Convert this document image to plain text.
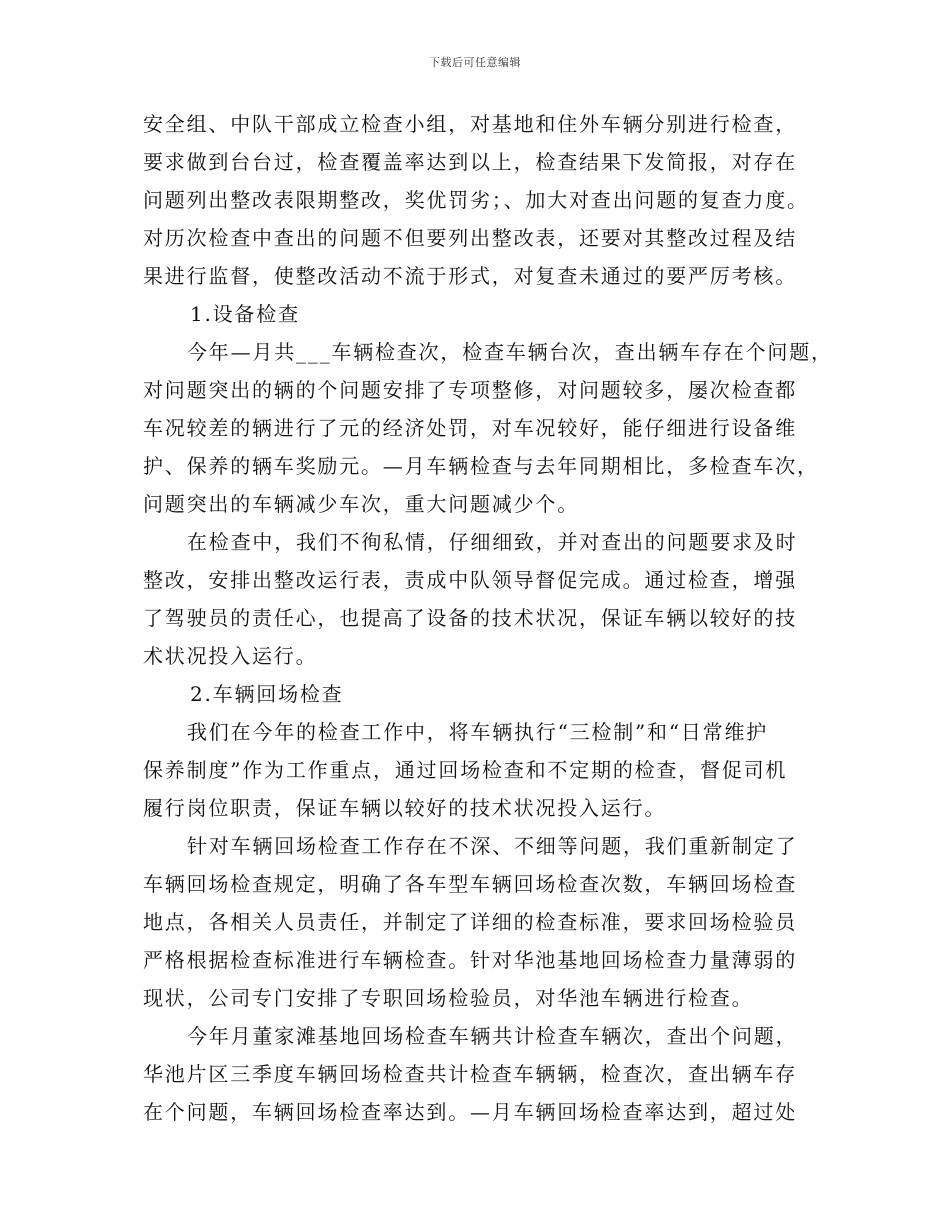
下载后可任意编辑
安全组、中队干部成立检查小组，对基地和住外车辆分别进行检查，
要求做到台台过，检查覆盖率达到以上，检查结果下发简报，对存在
问题列出整改表限期整改，奖优罚劣；、加大对查出问题的复查力度。
对历次检查中查出的问题不但要列出整改表，还要对其整改过程及结
果进行监督，使整改活动不流于形式，对复查未通过的要严厉考核。
1.设备检查
今年—月共___车辆检查次，检查车辆台次，查出辆车存在个问题，
对问题突出的辆的个问题安排了专项整修，对问题较多，屡次检查都
车况较差的辆进行了元的经济处罚，对车况较好，能仔细进行设备维
护、保养的辆车奖励元。—月车辆检查与去年同期相比，多检查车次，
问题突出的车辆减少车次，重大问题减少个。
在检查中，我们不徇私情，仔细细致，并对查出的问题要求及时
整改，安排出整改运行表，责成中队领导督促完成。通过检查，增强
了驾驶员的责任心，也提高了设备的技术状况，保证车辆以较好的技
术状况投入运行。
2.车辆回场检查
我们在今年的检查工作中，将车辆执行“三检制”和“日常维护
保养制度”作为工作重点，通过回场检查和不定期的检查，督促司机
履行岗位职责，保证车辆以较好的技术状况投入运行。
针对车辆回场检查工作存在不深、不细等问题，我们重新制定了
车辆回场检查规定，明确了各车型车辆回场检查次数，车辆回场检查
地点，各相关人员责任，并制定了详细的检查标准，要求回场检验员
严格根据检查标准进行车辆检查。针对华池基地回场检查力量薄弱的
现状，公司专门安排了专职回场检验员，对华池车辆进行检查。
今年月董家滩基地回场检查车辆共计检查车辆次，查出个问题，
华池片区三季度车辆回场检查共计检查车辆辆，检查次，查出辆车存
在个问题，车辆回场检查率达到。—月车辆回场检查率达到，超过处
